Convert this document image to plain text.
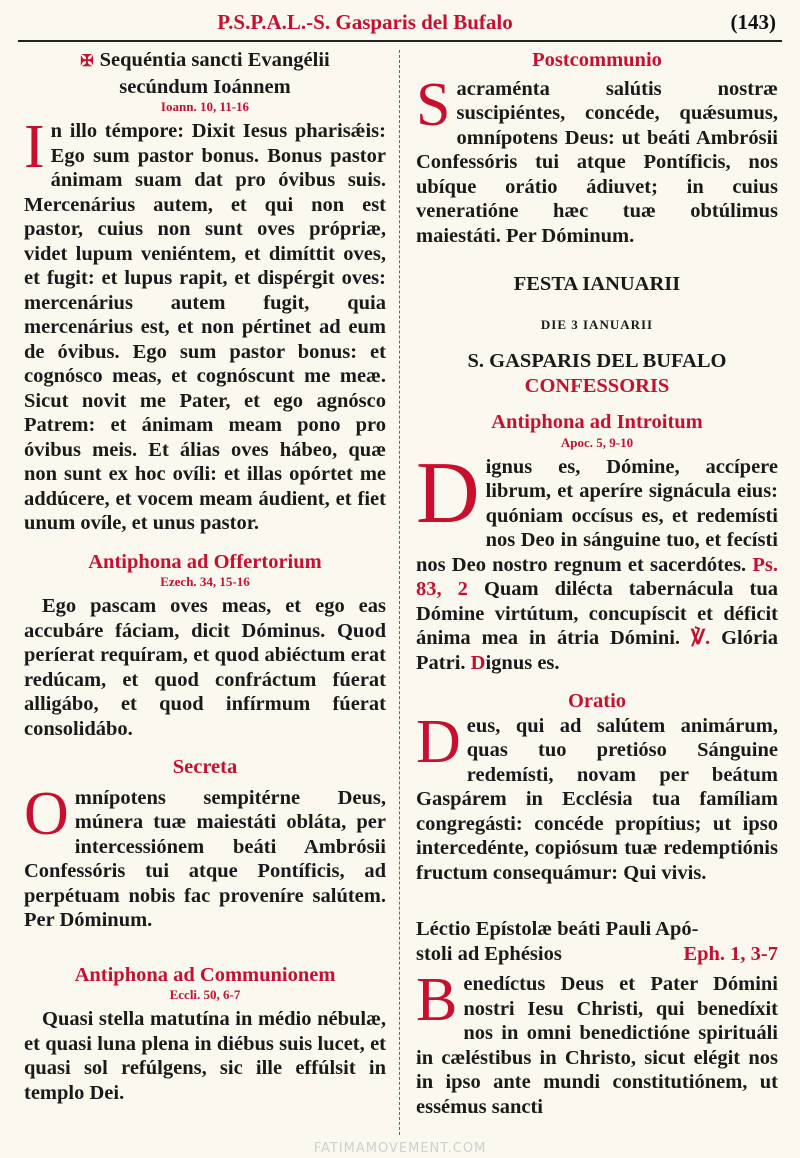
P.S.P.A.L.-S. Gasparis del Bufalo	(143)

✠ Sequéntia sancti Evangélii

secúndum Ioánnem

Ioann. 10, 11-16

In illo témpore: Dixit Iesus pharisǽis: Ego sum pastor bonus. Bonus pastor ánimam suam dat pro óvibus suis. Mercenárius autem, et qui non est pastor, cuius non sunt oves própriæ, videt lupum veniéntem, et dimíttit oves, et fugit: et lupus rapit, et dispérgit oves: mercenárius autem fugit, quia mercenárius est, et non pértinet ad eum de óvibus. Ego sum pastor bonus: et cognósco meas, et cognóscunt me meæ. Sicut novit me Pater, et ego agnósco Patrem: et ánimam meam pono pro óvibus meis. Et álias oves hábeo, quæ non sunt ex hoc ovíli: et illas opórtet me addúcere, et vocem meam áudient, et fiet unum ovíle, et unus pastor.

Antiphona ad Offertorium

Ezech. 34, 15-16

Ego pascam oves meas, et ego eas accubáre fáciam, dicit Dóminus. Quod períerat requíram, et quod abiéctum erat redúcam, et quod confráctum fúerat alligábo, et quod infírmum fúerat consolidábo.

Secreta

Omnípotens sempitérne Deus, múnera tuæ maiestáti obláta, per intercessiónem beáti Ambrósii Confessóris tui atque Pontíficis, ad perpétuam nobis fac proveníre salútem. Per Dóminum.

Antiphona ad Communionem

Eccli. 50, 6-7

Quasi stella matutína in médio nébulæ, et quasi luna plena in diébus suis lucet, et quasi sol refúlgens, sic ille effúlsit in templo Dei.

Postcommunio

Sacraménta salútis nostræ suscipiéntes, concéde, quǽsumus, omnípotens Deus: ut beáti Ambrósii Confessóris tui atque Pontíficis, nos ubíque orátio ádiuvet; in cuius veneratióne hæc tuæ obtúlimus maiestáti. Per Dóminum.

FESTA IANUARII

DIE 3 IANUARII

S. GASPARIS DEL BUFALO

CONFESSORIS

Antiphona ad Introitum

Apoc. 5, 9-10

Dignus es, Dómine, accípere librum, et aperíre signácula eius: quóniam occísus es, et redemísti nos Deo in sánguine tuo, et fecísti nos Deo nostro regnum et sacerdótes. Ps. 83, 2 Quam dilécta tabernácula tua Dómine virtútum, concupíscit et déficit ánima mea in átria Dómini. ℣. Glória Patri. Dignus es.

Oratio

Deus, qui ad salútem animárum, quas tuo pretióso Sánguine redemísti, novam per beátum Gaspárem in Ecclésia tua famíliam congregásti: concéde propítius; ut ipso intercedénte, copiósum tuæ redemptiónis fructum consequámur: Qui vivis.

Léctio Epístolæ beáti Pauli Apó-

stoli ad Ephésios	Eph. 1, 3-7

Benedíctus Deus et Pater Dómini nostri Iesu Christi, qui benedíxit nos in omni benedictióne spirituáli in cæléstibus in Christo, sicut elégit nos in ipso ante mundi constitutiónem, ut essémus sancti

FATIMAMOVEMENT.COM
